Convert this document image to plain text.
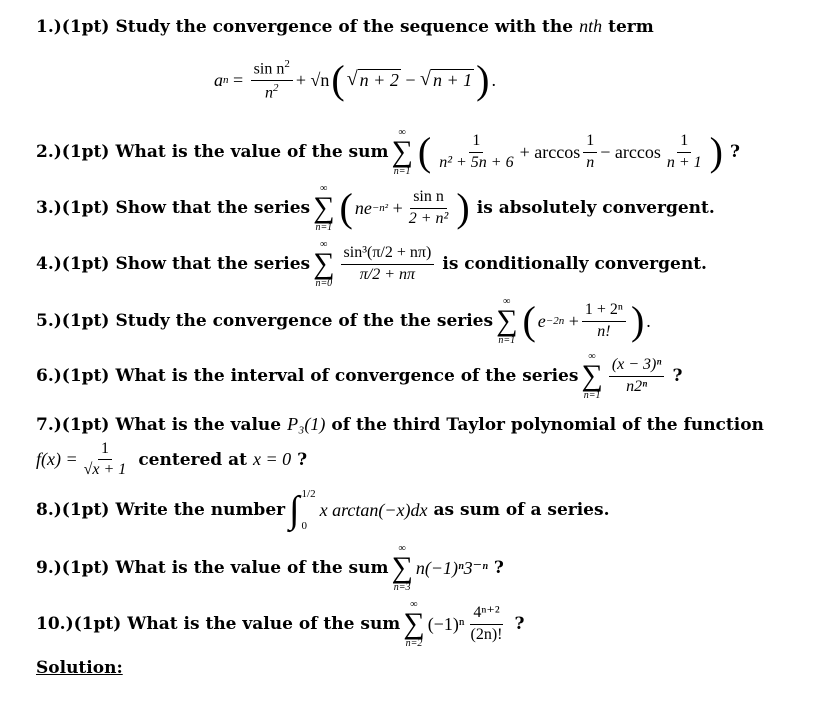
1.)(1pt) Study the convergence of the sequence with the nth term
a $n = \frac{\sin n^2}{n^2} + √n$ ( √ n + 2 − √ n + 1 ) .
2.)(1pt) What is the value of the sum
∞
∑
n=1 ( $\frac{1}{\text{n² + 5n + 6}} + \arccos \frac{1}{n} - \arccos \frac{1}{n + 1}$ )
?
3.)(1pt) Show that the series
∞
∑
n=1 ( ne $-n^2 + \frac{\text{sin n}}{\text{2 + n²}}$ )
is absolutely convergent.
4.)(1pt) Show that the series
∞
∑
$n=0 \frac{\text{sin³(π/2 + nπ)}}{\pi/2 + n\pi}$
is conditionally convergent.
5.)(1pt) Study the convergence of the the series
∞
∑
n=1 ( $e -2n + \frac{\text{1 + 2ⁿ}}{n!}$ ) .
6.)(1pt) What is the interval of convergence of the series
∞
∑
$n=1 \frac{\text{(x − 3)ⁿ}}{\text{n2ⁿ}}$
?
7.)(1pt) What is the value P₃(1) of the third Taylor polynomial of the function
$f(x) = \frac{1}{√x + 1}$ centered at x = 0 ?
8.)(1pt) Write the number ∫ 1/2
0
x arctan(−x)dx as sum of a series.
9.)(1pt) What is the value of the sum
∞
∑
n=3
n(−1)ⁿ3⁻ⁿ ?
10.)(1pt) What is the value of the sum
∞
∑
n=2
$(-1)^n \frac{\text{4ⁿ⁺²}}{(2n)!}$ ?
Solution:
